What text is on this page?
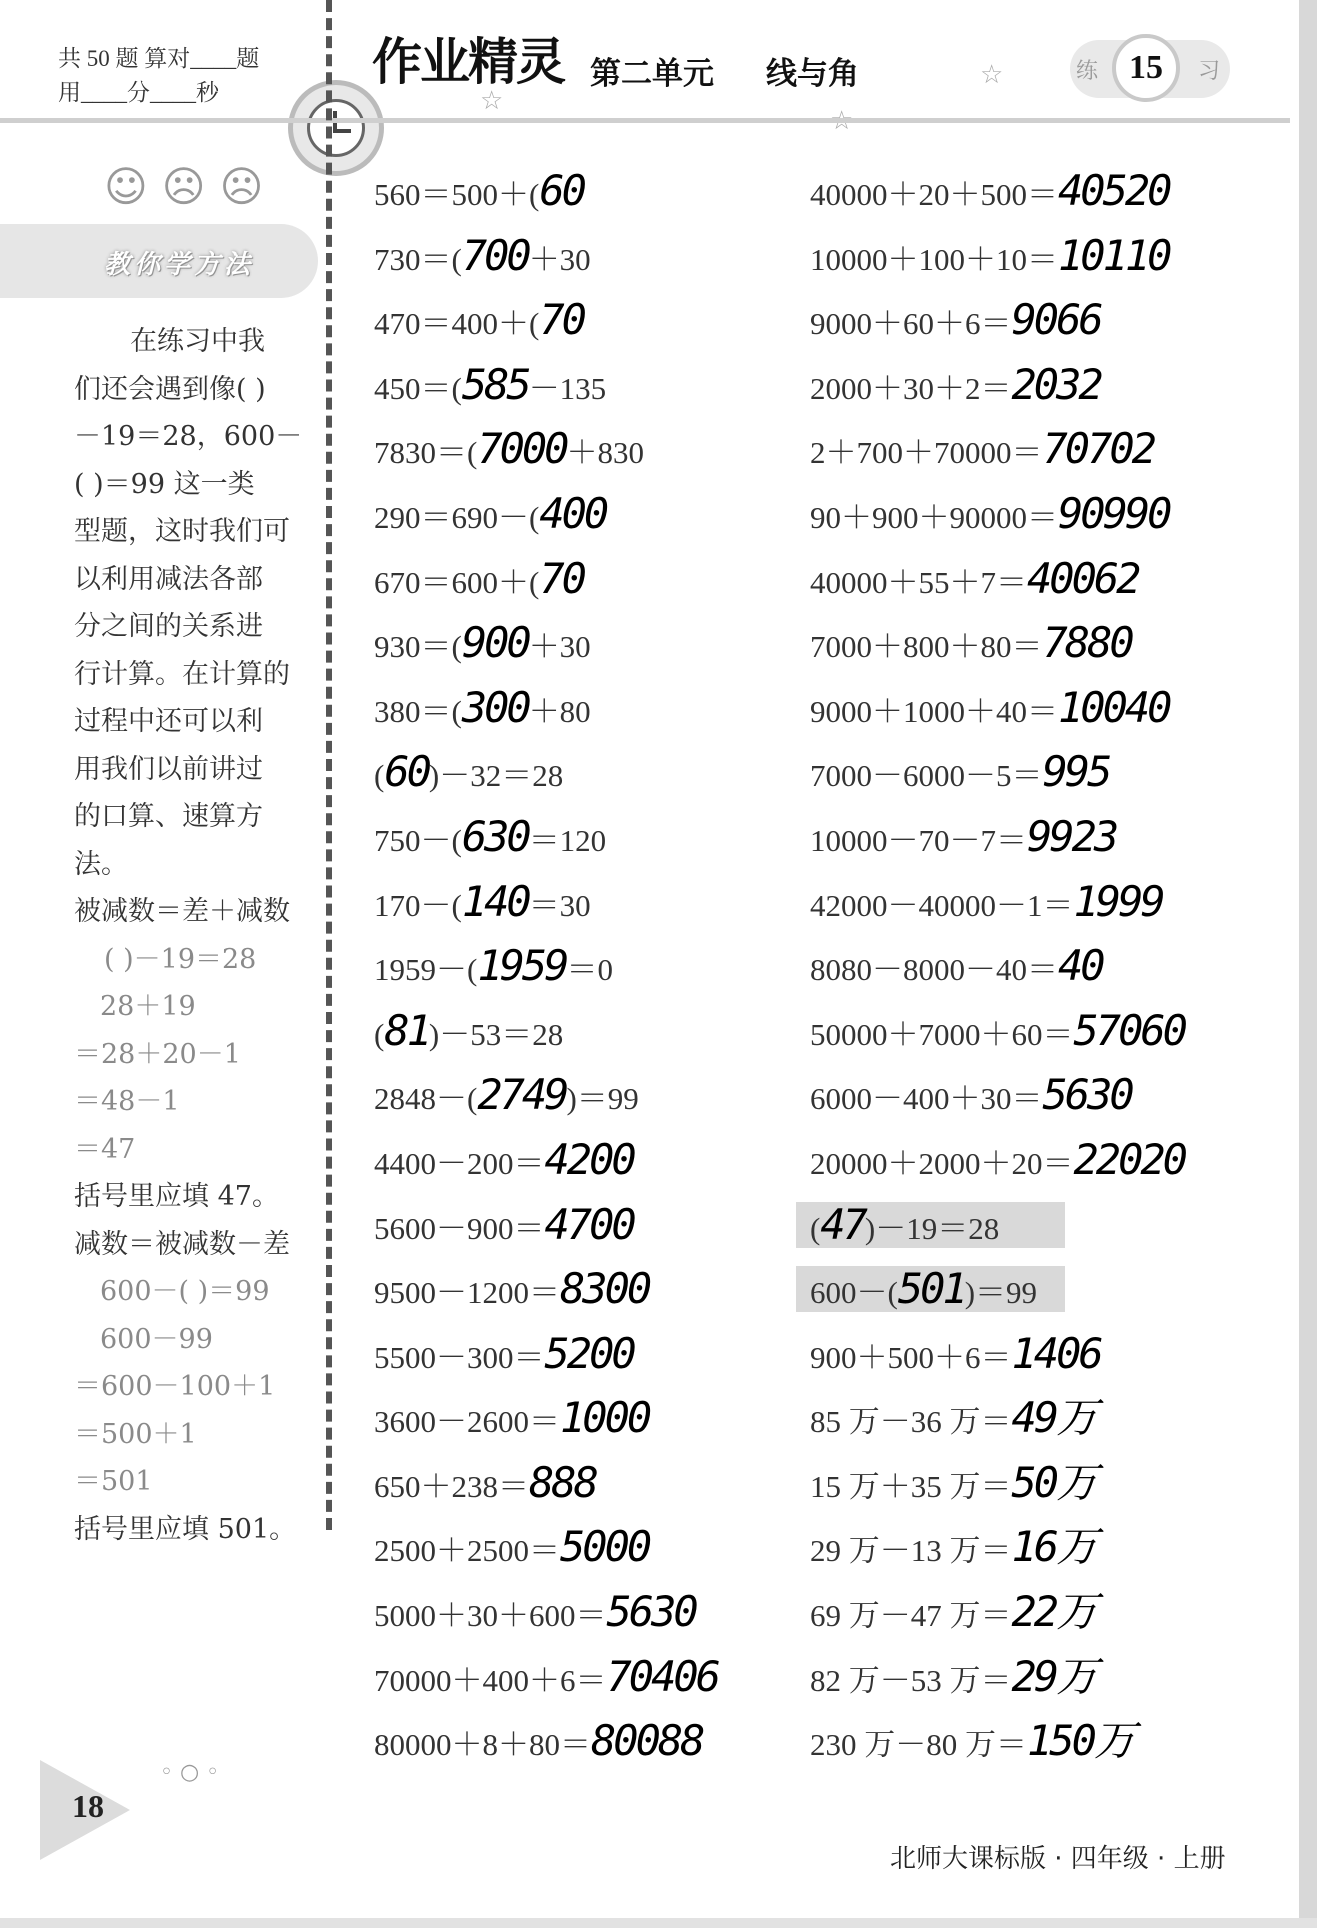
共 50 题 算对____题
用____分____秒
作业精灵 第二单元 线与角
☆
☆	练 15	习
☺☹☹
教你学方法
在练习中我
们还会遇到像( )
－19＝28，600－
( )＝99 这一类
型题，这时我们可
以利用减法各部
分之间的关系进
行计算。在计算的
过程中还可以利
用我们以前讲过
的口算、速算方
法。
被减数＝差＋减数
( )－19＝28
28＋19
＝28＋20－1
＝48－1
＝47
括号里应填 47。
减数＝被减数－差
600－( )＝99
600－99
＝600－100＋1
＝500＋1
＝501
括号里应填 501。
560＝500＋(60
730＝(700＋30
470＝400＋(70
450＝(585－135
7830＝(7000＋830
290＝690－(400
670＝600＋(70
930＝(900＋30
380＝(300＋80
(60)－32＝28
750－(630＝120
170－(140＝30
1959－(1959＝0
(81)－53＝28
2848－(2749)＝99
4400－200＝4200
5600－900＝4700
9500－1200＝8300
5500－300＝5200
3600－2600＝1000
650＋238＝888
2500＋2500＝5000
5000＋30＋600＝5630
70000＋400＋6＝70406
80000＋8＋80＝80088
40000＋20＋500＝40520
10000＋100＋10＝10110
9000＋60＋6＝9066
2000＋30＋2＝2032
2＋700＋70000＝70702
90＋900＋90000＝90990
40000＋55＋7＝40062
7000＋800＋80＝7880
9000＋1000＋40＝10040
7000－6000－5＝995
10000－70－7＝9923
42000－40000－1＝1999
8080－8000－40＝40
50000＋7000＋60＝57060
6000－400＋30＝5630
20000＋2000＋20＝22020
(47)－19＝28
600－(501)＝99
900＋500＋6＝1406
85 万－36 万＝49万
15 万＋35 万＝50万
29 万－13 万＝16万
69 万－47 万＝22万
82 万－53 万＝29万
230 万－80 万＝150万
18
◦ ○ ◦
北师大课标版 · 四年级 · 上册
